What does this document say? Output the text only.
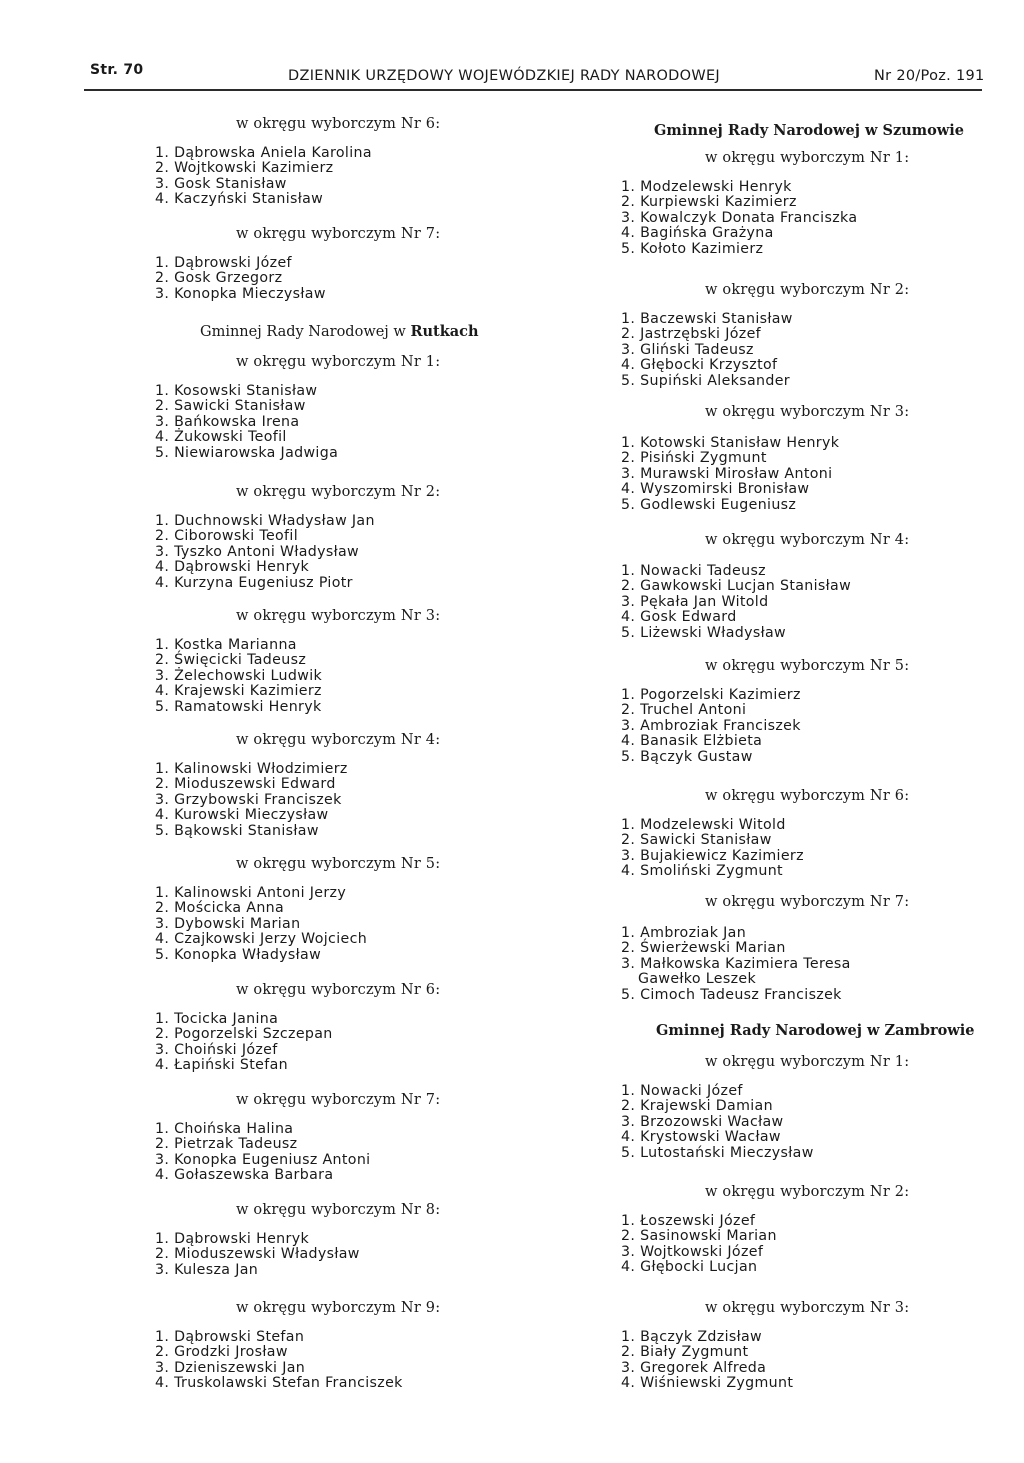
Str. 70	DZIENNIK URZĘDOWY WOJEWÓDZKIEJ RADY NARODOWEJ	Nr 20/Poz. 191
w okręgu wyborczym Nr 6:
1. Dąbrowska Aniela Karolina
2. Wojtkowski Kazimierz
3. Gosk Stanisław
4. Kaczyński Stanisław
w okręgu wyborczym Nr 7:
1. Dąbrowski Józef
2. Gosk Grzegorz
3. Konopka Mieczysław
Gminnej Rady Narodowej w Rutkach
w okręgu wyborczym Nr 1:
1. Kosowski Stanisław
2. Sawicki Stanisław
3. Bańkowska Irena
4. Żukowski Teofil
5. Niewiarowska Jadwiga
w okręgu wyborczym Nr 2:
1. Duchnowski Władysław Jan
2. Ciborowski Teofil
3. Tyszko Antoni Władysław
4. Dąbrowski Henryk
4. Kurzyna Eugeniusz Piotr
w okręgu wyborczym Nr 3:
1. Kostka Marianna
2. Święcicki Tadeusz
3. Żelechowski Ludwik
4. Krajewski Kazimierz
5. Ramatowski Henryk
w okręgu wyborczym Nr 4:
1. Kalinowski Włodzimierz
2. Mioduszewski Edward
3. Grzybowski Franciszek
4. Kurowski Mieczysław
5. Bąkowski Stanisław
w okręgu wyborczym Nr 5:
1. Kalinowski Antoni Jerzy
2. Mościcka Anna
3. Dybowski Marian
4. Czajkowski Jerzy Wojciech
5. Konopka Władysław
w okręgu wyborczym Nr 6:
1. Tocicka Janina
2. Pogorzelski Szczepan
3. Choiński Józef
4. Łapiński Stefan
w okręgu wyborczym Nr 7:
1. Choińska Halina
2. Pietrzak Tadeusz
3. Konopka Eugeniusz Antoni
4. Gołaszewska Barbara
w okręgu wyborczym Nr 8:
1. Dąbrowski Henryk
2. Mioduszewski Władysław
3. Kulesza Jan
w okręgu wyborczym Nr 9:
1. Dąbrowski Stefan
2. Grodzki Jrosław
3. Dzieniszewski Jan
4. Truskolawski Stefan Franciszek
Gminnej Rady Narodowej w Szumowie
w okręgu wyborczym Nr 1:
1. Modzelewski Henryk
2. Kurpiewski Kazimierz
3. Kowalczyk Donata Franciszka
4. Bagińska Grażyna
5. Kołoto Kazimierz
w okręgu wyborczym Nr 2:
1. Baczewski Stanisław
2. Jastrzębski Józef
3. Gliński Tadeusz
4. Głębocki Krzysztof
5. Supiński Aleksander
w okręgu wyborczym Nr 3:
1. Kotowski Stanisław Henryk
2. Pisiński Zygmunt
3. Murawski Mirosław Antoni
4. Wyszomirski Bronisław
5. Godlewski Eugeniusz
w okręgu wyborczym Nr 4:
1. Nowacki Tadeusz
2. Gawkowski Lucjan Stanisław
3. Pękała Jan Witold
4. Gosk Edward
5. Liżewski Władysław
w okręgu wyborczym Nr 5:
1. Pogorzelski Kazimierz
2. Truchel Antoni
3. Ambroziak Franciszek
4. Banasik Elżbieta
5. Bączyk Gustaw
w okręgu wyborczym Nr 6:
1. Modzelewski Witold
2. Sawicki Stanisław
3. Bujakiewicz Kazimierz
4. Smoliński Zygmunt
w okręgu wyborczym Nr 7:
1. Ambroziak Jan
2. Świerżewski Marian
3. Małkowska Kazimiera Teresa
Gawełko Leszek
5. Cimoch Tadeusz Franciszek
Gminnej Rady Narodowej w Zambrowie
w okręgu wyborczym Nr 1:
1. Nowacki Józef
2. Krajewski Damian
3. Brzozowski Wacław
4. Krystowski Wacław
5. Lutostański Mieczysław
w okręgu wyborczym Nr 2:
1. Łoszewski Józef
2. Sasinowski Marian
3. Wojtkowski Józef
4. Głębocki Lucjan
w okręgu wyborczym Nr 3:
1. Bączyk Zdzisław
2. Biały Zygmunt
3. Gregorek Alfreda
4. Wiśniewski Zygmunt
